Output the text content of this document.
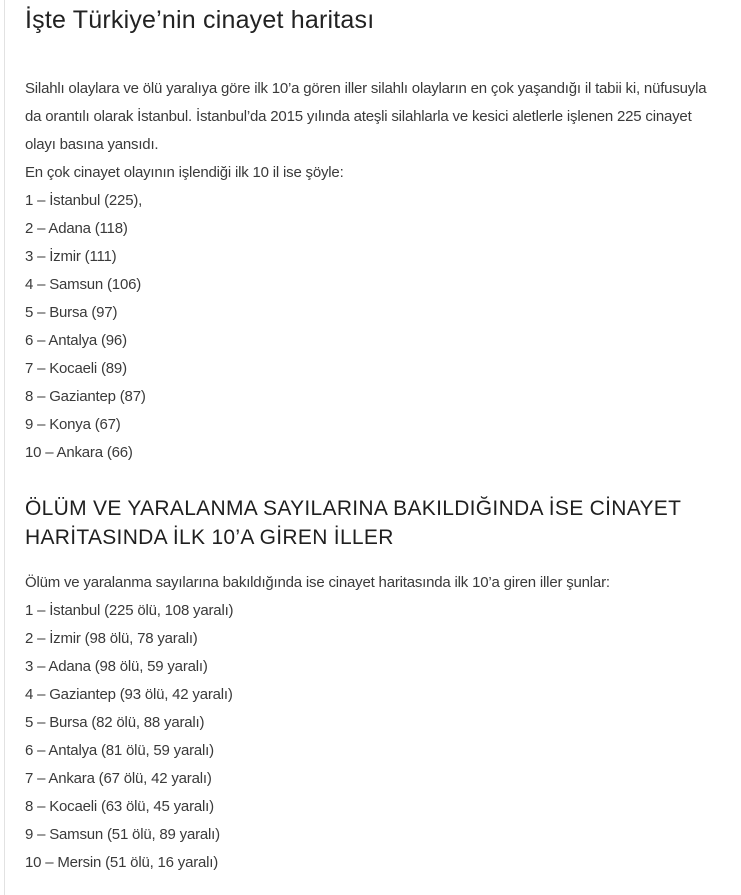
İşte Türkiye’nin cinayet haritası

Silahlı olaylara ve ölü yaralıya göre ilk 10’a gören iller silahlı olayların en çok yaşandığı il tabii ki, nüfusuyla da orantılı olarak İstanbul. İstanbul’da 2015 yılında ateşli silahlarla ve kesici aletlerle işlenen 225 cinayet olayı basına yansıdı.
En çok cinayet olayının işlendiği ilk 10 il ise şöyle:

1 – İstanbul (225),
2 – Adana (118)
3 – İzmir (111)
4 – Samsun (106)
5 – Bursa (97)
6 – Antalya (96)
7 – Kocaeli (89)
8 – Gaziantep (87)
9 – Konya (67)
10 – Ankara (66)
ÖLÜM VE YARALANMA SAYILARINA BAKILDIĞINDA İSE CİNAYET HARİTASINDA İLK 10’A GİREN İLLER

Ölüm ve yaralanma sayılarına bakıldığında ise cinayet haritasında ilk 10’a giren iller şunlar:

1 – İstanbul (225 ölü, 108 yaralı)
2 – İzmir (98 ölü, 78 yaralı)
3 – Adana (98 ölü, 59 yaralı)
4 – Gaziantep (93 ölü, 42 yaralı)
5 – Bursa (82 ölü, 88 yaralı)
6 – Antalya (81 ölü, 59 yaralı)
7 – Ankara (67 ölü, 42 yaralı)
8 – Kocaeli (63 ölü, 45 yaralı)
9 – Samsun (51 ölü, 89 yaralı)
10 – Mersin (51 ölü, 16 yaralı)
